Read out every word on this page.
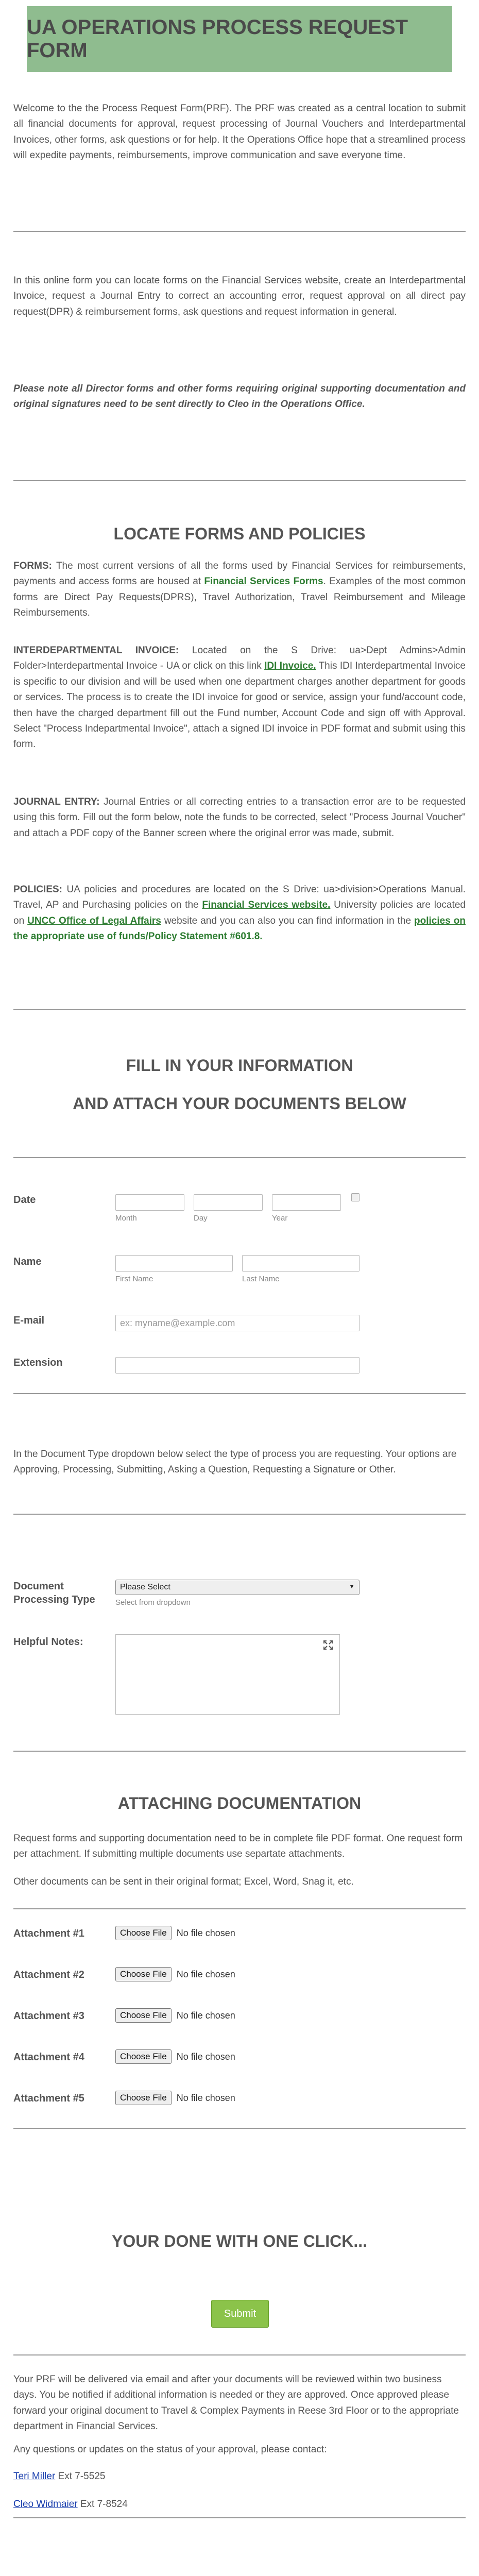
UA OPERATIONS PROCESS REQUEST FORM
Welcome to the the Process Request Form(PRF). The PRF was created as a central location to submit all financial documents for approval, request processing of Journal Vouchers and Interdepartmental Invoices, other forms, ask questions or for help. It the Operations Office hope that a streamlined process will expedite payments, reimbursements, improve communication and save everyone time.
In this online form you can locate forms on the Financial Services website, create an Interdepartmental Invoice, request a Journal Entry to correct an accounting error, request approval on all direct pay request(DPR) & reimbursement forms, ask questions and request information in general.
Please note all Director forms and other forms requiring original supporting documentation and original signatures need to be sent directly to Cleo in the Operations Office.
LOCATE FORMS AND POLICIES
FORMS: The most current versions of all the forms used by Financial Services for reimbursements, payments and access forms are housed at Financial Services Forms. Examples of the most common forms are Direct Pay Requests(DPRS), Travel Authorization, Travel Reimbursement and Mileage Reimbursements.
INTERDEPARTMENTAL INVOICE: Located on the S Drive: ua>Dept Admins>Admin Folder>Interdepartmental Invoice - UA or click on this link IDI Invoice. This IDI Interdepartmental Invoice is specific to our division and will be used when one department charges another department for goods or services. The process is to create the IDI invoice for good or service, assign your fund/account code, then have the charged department fill out the Fund number, Account Code and sign off with Approval. Select "Process Indepartmental Invoice", attach a signed IDI invoice in PDF format and submit using this form.
JOURNAL ENTRY: Journal Entries or all correcting entries to a transaction error are to be requested using this form. Fill out the form below, note the funds to be corrected, select "Process Journal Voucher" and attach a PDF copy of the Banner screen where the original error was made, submit.
POLICIES: UA policies and procedures are located on the S Drive: ua>division>Operations Manual. Travel, AP and Purchasing policies on the Financial Services website. University policies are located on UNCC Office of Legal Affairs website and you can also you can find information in the policies on the appropriate use of funds/Policy Statement #601.8.
FILL IN YOUR INFORMATION
AND ATTACH YOUR DOCUMENTS BELOW
Date
Month	Day	Year
Name
First Name	Last Name
E-mail	ex: myname@example.com
Extension
In the Document Type dropdown below select the type of process you are requesting. Your options are Approving, Processing, Submitting, Asking a Question, Requesting a Signature or Other.
Document
Processing Type
Please Select	▼
Select from dropdown
Helpful Notes:
ATTACHING DOCUMENTATION
Request forms and supporting documentation need to be in complete file PDF format. One request form per attachment. If submitting multiple documents use separtate attachments.
Other documents can be sent in their original format; Excel, Word, Snag it, etc.
Attachment #1	Choose File	No file chosen
Attachment #2	Choose File	No file chosen
Attachment #3	Choose File	No file chosen
Attachment #4	Choose File	No file chosen
Attachment #5	Choose File	No file chosen
YOUR DONE WITH ONE CLICK...
Submit
Your PRF will be delivered via email and after your documents will be reviewed within two business days. You be notified if additional information is needed or they are approved. Once approved please forward your original document to Travel & Complex Payments in Reese 3rd Floor or to the appropriate department in Financial Services.
Any questions or updates on the status of your approval, please contact:
Teri Miller Ext 7-5525
Cleo Widmaier Ext 7-8524
